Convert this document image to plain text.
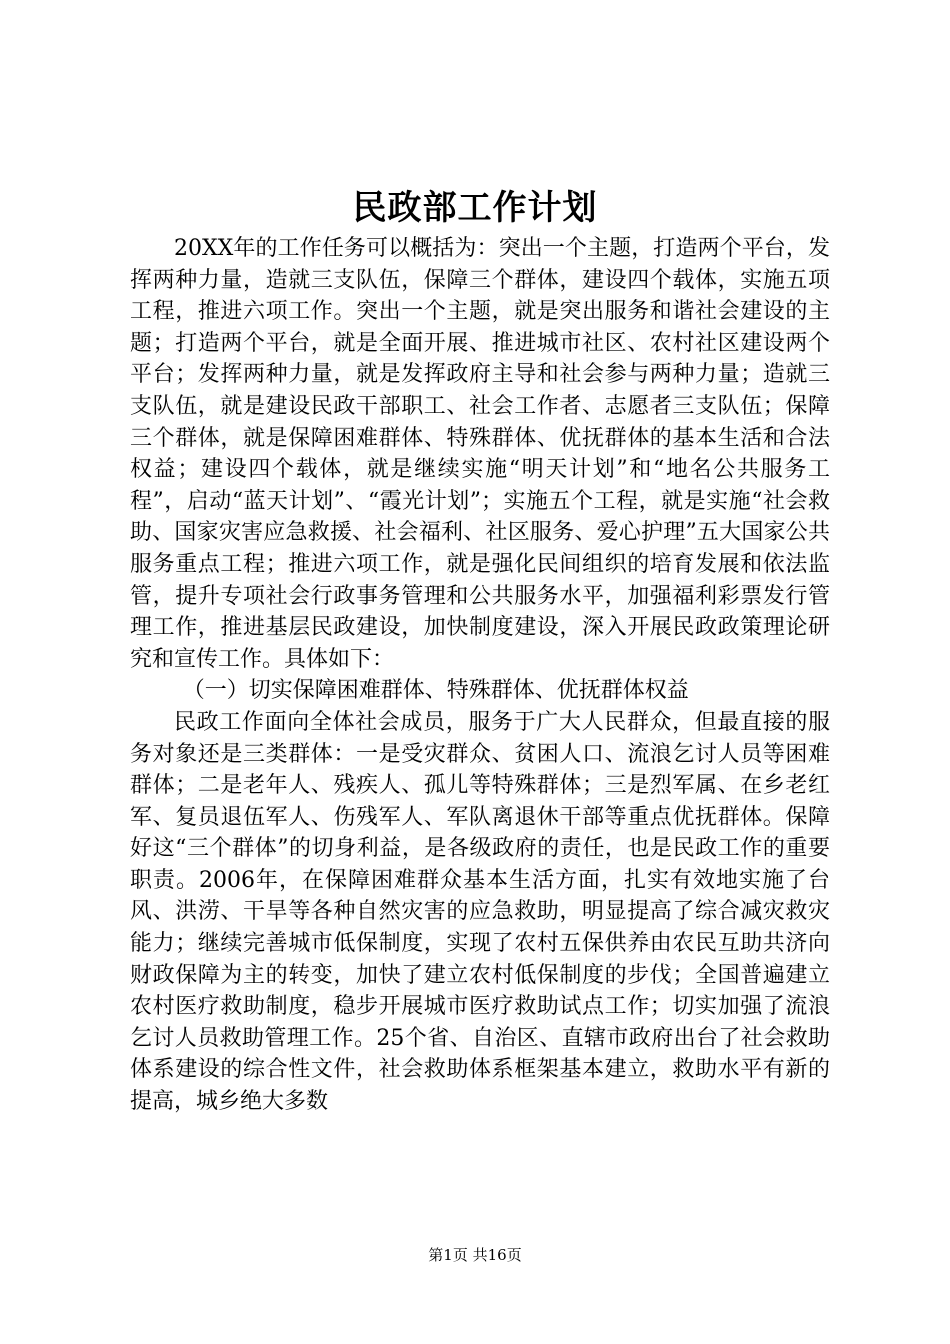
民政部工作计划

20XX年的工作任务可以概括为：突出一个主题，打造两个平台，发挥两种力量，造就三支队伍，保障三个群体，建设四个载体，实施五项工程，推进六项工作。突出一个主题，就是突出服务和谐社会建设的主题；打造两个平台，就是全面开展、推进城市社区、农村社区建设两个平台；发挥两种力量，就是发挥政府主导和社会参与两种力量；造就三支队伍，就是建设民政干部职工、社会工作者、志愿者三支队伍；保障三个群体，就是保障困难群体、特殊群体、优抚群体的基本生活和合法权益；建设四个载体，就是继续实施“明天计划”和“地名公共服务工程”，启动“蓝天计划”、“霞光计划”；实施五个工程，就是实施“社会救助、国家灾害应急救援、社会福利、社区服务、爱心护理”五大国家公共服务重点工程；推进六项工作，就是强化民间组织的培育发展和依法监管，提升专项社会行政事务管理和公共服务水平，加强福利彩票发行管理工作，推进基层民政建设，加快制度建设，深入开展民政政策理论研究和宣传工作。具体如下：

（一）切实保障困难群体、特殊群体、优抚群体权益

民政工作面向全体社会成员，服务于广大人民群众，但最直接的服务对象还是三类群体：一是受灾群众、贫困人口、流浪乞讨人员等困难群体；二是老年人、残疾人、孤儿等特殊群体；三是烈军属、在乡老红军、复员退伍军人、伤残军人、军队离退休干部等重点优抚群体。保障好这“三个群体”的切身利益，是各级政府的责任，也是民政工作的重要职责。2006年，在保障困难群众基本生活方面，扎实有效地实施了台风、洪涝、干旱等各种自然灾害的应急救助，明显提高了综合减灾救灾能力；继续完善城市低保制度，实现了农村五保供养由农民互助共济向财政保障为主的转变，加快了建立农村低保制度的步伐；全国普遍建立农村医疗救助制度，稳步开展城市医疗救助试点工作；切实加强了流浪乞讨人员救助管理工作。25个省、自治区、直辖市政府出台了社会救助体系建设的综合性文件，社会救助体系框架基本建立，救助水平有新的提高，城乡绝大多数

第1页 共16页
